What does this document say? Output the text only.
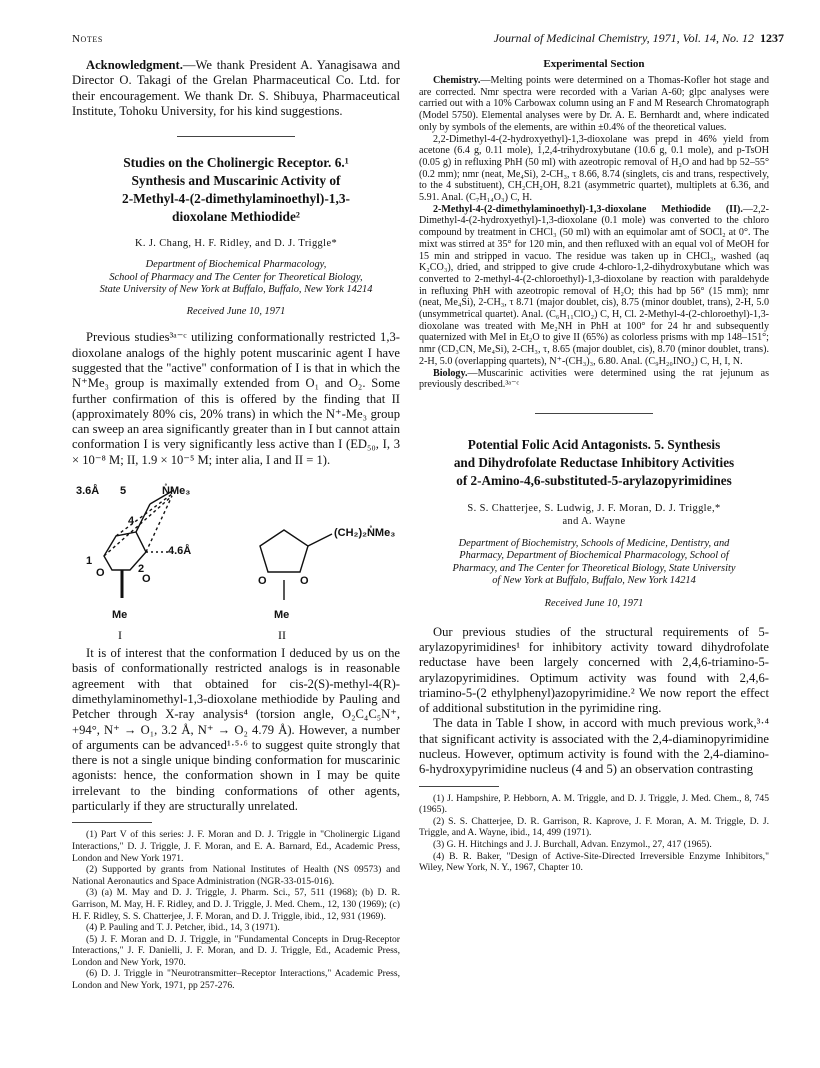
Notes	Journal of Medicinal Chemistry, 1971, Vol. 14, No. 12 1237

Acknowledgment.—We thank President A. Yanagisawa and Director O. Takagi of the Grelan Pharmaceutical Co. Ltd. for their encouragement. We thank Dr. S. Shibuya, Pharmaceutical Institute, Tohoku University, for his kind suggestions.

Studies on the Cholinergic Receptor. 6.¹
Synthesis and Muscarinic Activity of
2-Methyl-4-(2-dimethylaminoethyl)-1,3-
dioxolane Methiodide²
K. J. Chang, H. F. Ridley, and D. J. Triggle*
Department of Biochemical Pharmacology,
School of Pharmacy and The Center for Theoretical Biology,
State University of New York at Buffalo, Buffalo, New York 14214
Received June 10, 1971

Previous studies³ᵃ⁻ᶜ utilizing conformationally restricted 1,3-dioxolane analogs of the highly potent muscarinic agent I have suggested that the "active" conformation of I is that in which the N⁺Me₃ group is maximally extended from O₁ and O₂. Some further confirmation of this is offered by the finding that II (approximately 80% cis, 20% trans) in which the N⁺-Me₃ group can sweep an area significantly greater than in I but cannot attain conformation I is very significantly less active than I (ED₅₀, I, 3 × 10⁻⁸ M; II, 1.9 × 10⁻⁵ M; inter alia, I and II = 1).

3.6Å 5	N̊Me₃
4
4.6Å
1
2
O	O
Me
(CH₂)₂N̊Me₃
O	O
Me
I	II

It is of interest that the conformation I deduced by us on the basis of conformationally restricted analogs is in reasonable agreement with that obtained for cis-2(S)-methyl-4(R)-dimethylaminomethyl-1,3-dioxolane methiodide by Pauling and Petcher through X-ray analysis⁴ (torsion angle, O₂C₄C₅N⁺, +94°, N⁺ → O₁, 3.2 Å, N⁺ → O₂ 4.79 Å). However, a number of arguments can be advanced¹·⁵·⁶ to suggest quite strongly that there is not a single unique binding conformation for muscarinic agonists: hence, the conformation shown in I may be quite irrelevant to the binding conformations of other agents, particularly if they are structurally unrelated.

(1) Part V of this series: J. F. Moran and D. J. Triggle in "Cholinergic Ligand Interactions," D. J. Triggle, J. F. Moran, and E. A. Barnard, Ed., Academic Press, London and New York 1971.

(2) Supported by grants from National Institutes of Health (NS 09573) and National Aeronautics and Space Administration (NGR-33-015-016).

(3) (a) M. May and D. J. Triggle, J. Pharm. Sci., 57, 511 (1968); (b) D. R. Garrison, M. May, H. F. Ridley, and D. J. Triggle, J. Med. Chem., 12, 130 (1969); (c) H. F. Ridley, S. S. Chatterjee, J. F. Moran, and D. J. Triggle, ibid., 12, 931 (1969).

(4) P. Pauling and T. J. Petcher, ibid., 14, 3 (1971).

(5) J. F. Moran and D. J. Triggle, in "Fundamental Concepts in Drug-Receptor Interactions," J. F. Danielli, J. F. Moran, and D. J. Triggle, Ed., Academic Press, London and New York, 1970.

(6) D. J. Triggle in "Neurotransmitter–Receptor Interactions," Academic Press, London and New York, 1971, pp 257-276.

Experimental Section

Chemistry.—Melting points were determined on a Thomas-Kofler hot stage and are corrected. Nmr spectra were recorded with a Varian A-60; glpc analyses were carried out with a 10% Carbowax column using an F and M Research Chromatograph (Model 5750). Elemental analyses were by Dr. A. E. Bernhardt and, where indicated only by symbols of the elements, are within ±0.4% of the theoretical values.

2,2-Dimethyl-4-(2-hydroxyethyl)-1,3-dioxolane was prepd in 46% yield from acetone (6.4 g, 0.11 mole), 1,2,4-trihydroxybutane (10.6 g, 0.1 mole), and p-TsOH (0.05 g) in refluxing PhH (50 ml) with azeotropic removal of H₂O and had bp 52–55° (0.2 mm); nmr (neat, Me₄Si), 2-CH₃, τ 8.66, 8.74 (singlets, cis and trans, respectively, to the 4 substituent), CH₂CH₂OH, 8.21 (asymmetric quartet), multiplets at 6.36, and 5.91. Anal. (C₇H₁₄O₃) C, H.

2-Methyl-4-(2-dimethylaminoethyl)-1,3-dioxolane Methiodide (II).—2,2-Dimethyl-4-(2-hydroxyethyl)-1,3-dioxolane (0.1 mole) was converted to the chloro compound by treatment in CHCl₃ (50 ml) with an equimolar amt of SOCl₂ at 0°. The mixt was stirred at 35° for 120 min, and then refluxed with an equal vol of MeOH for 15 min and stripped in vacuo. The residue was taken up in CHCl₃, washed (aq K₂CO₃), dried, and stripped to give crude 4-chloro-1,2-dihydroxybutane which was converted to 2-methyl-4-(2-chloroethyl)-1,3-dioxolane by reaction with paraldehyde in refluxing PhH with azeotropic removal of H₂O; this had bp 56° (15 mm); nmr (neat, Me₄Si), 2-CH₃, τ 8.71 (major doublet, cis), 8.75 (minor doublet, trans), 2-H, 5.0 (unsymmetrical quartet). Anal. (C₆H₁₁ClO₂) C, H, Cl. 2-Methyl-4-(2-chloroethyl)-1,3-dioxolane was treated with Me₂NH in PhH at 100° for 24 hr and subsequently quaternized with MeI in Et₂O to give II (65%) as colorless prisms with mp 148–151°; nmr (CD₃CN, Me₄Si), 2-CH₃, τ, 8.65 (major doublet, cis), 8.70 (minor doublet, trans). 2-H, 5.0 (overlapping quartets), N⁺-(CH₃)₃, 6.80. Anal. (C₉H₂₀INO₂) C, H, I, N.

Biology.—Muscarinic activities were determined using the rat jejunum as previously described.³ᵃ⁻ᶜ

Potential Folic Acid Antagonists. 5. Synthesis
and Dihydrofolate Reductase Inhibitory Activities
of 2-Amino-4,6-substituted-5-arylazopyrimidines
S. S. Chatterjee, S. Ludwig, J. F. Moran, D. J. Triggle,*
and A. Wayne
Department of Biochemistry, Schools of Medicine, Dentistry, and
Pharmacy, Department of Biochemical Pharmacology, School of
Pharmacy, and The Center for Theoretical Biology, State University
of New York at Buffalo, Buffalo, New York 14214
Received June 10, 1971

Our previous studies of the structural requirements of 5-arylazopyrimidines¹ for inhibitory activity toward dihydrofolate reductase have been largely concerned with 2,4,6-triamino-5-arylazopyrimidines. Optimum activity was found with 2,4,6-triamino-5-(2 ethylphenyl)azopyrimidine.² We now report the effect of additional substitution in the pyrimidine ring.

The data in Table I show, in accord with much previous work,³·⁴ that significant activity is associated with the 2,4-diaminopyrimidine nucleus. However, optimum activity is found with the 2,4-diamino-6-hydroxypyrimidine nucleus (4 and 5) an observation contrasting

(1) J. Hampshire, P. Hebborn, A. M. Triggle, and D. J. Triggle, J. Med. Chem., 8, 745 (1965).

(2) S. S. Chatterjee, D. R. Garrison, R. Kaprove, J. F. Moran, A. M. Triggle, D. J. Triggle, and A. Wayne, ibid., 14, 499 (1971).

(3) G. H. Hitchings and J. J. Burchall, Advan. Enzymol., 27, 417 (1965).

(4) B. R. Baker, "Design of Active-Site-Directed Irreversible Enzyme Inhibitors," Wiley, New York, N. Y., 1967, Chapter 10.
